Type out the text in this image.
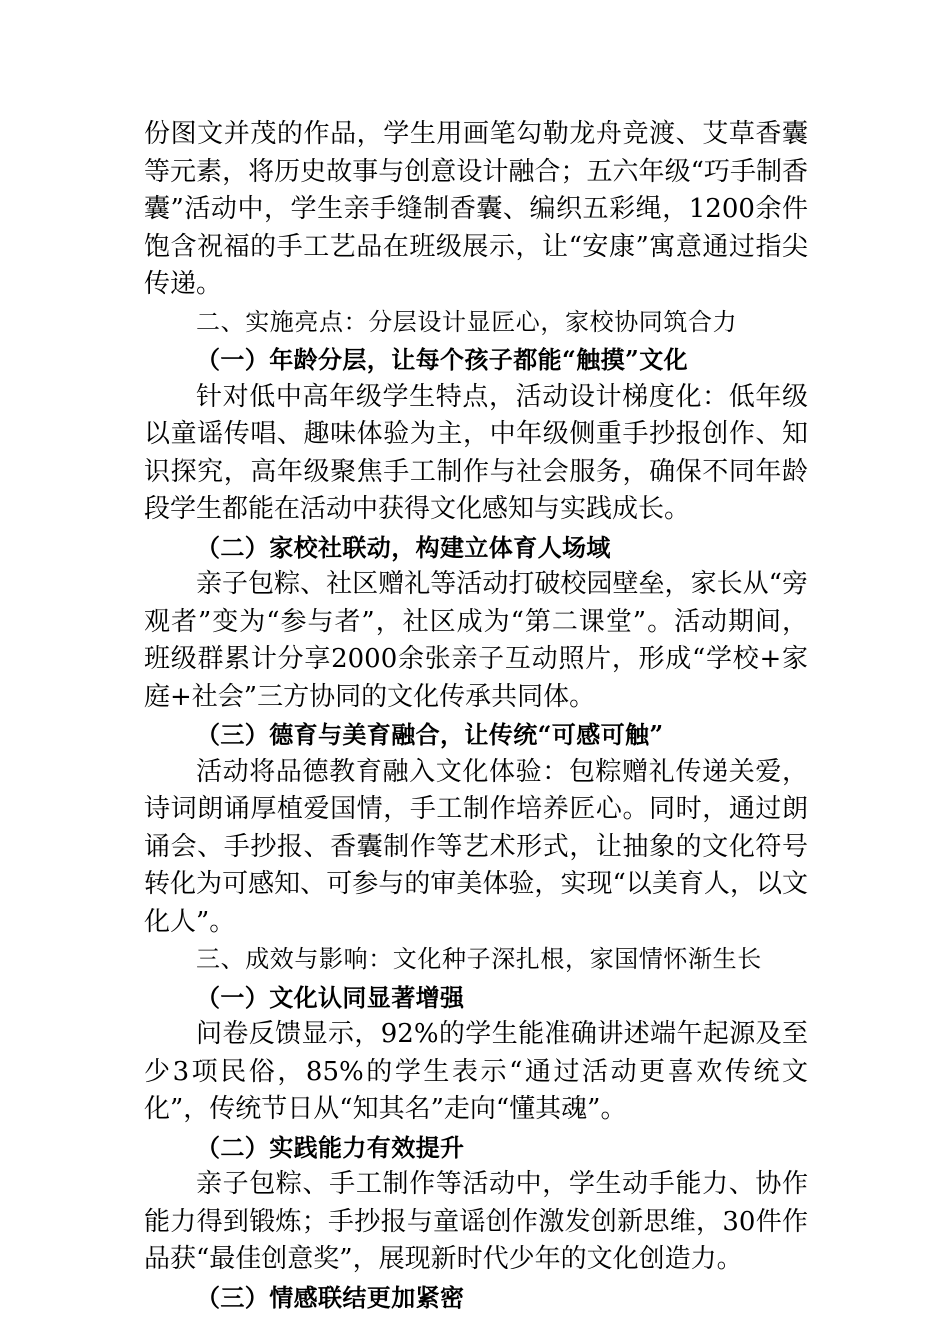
份图文并茂的作品，学生用画笔勾勒龙舟竞渡、艾草香囊等元素，将历史故事与创意设计融合；五六年级“巧手制香囊”活动中，学生亲手缝制香囊、编织五彩绳，1200余件饱含祝福的手工艺品在班级展示，让“安康”寓意通过指尖传递。

二、实施亮点：分层设计显匠心，家校协同筑合力

（一）年龄分层，让每个孩子都能“触摸”文化

针对低中高年级学生特点，活动设计梯度化：低年级以童谣传唱、趣味体验为主，中年级侧重手抄报创作、知识探究，高年级聚焦手工制作与社会服务，确保不同年龄段学生都能在活动中获得文化感知与实践成长。

（二）家校社联动，构建立体育人场域

亲子包粽、社区赠礼等活动打破校园壁垒，家长从“旁观者”变为“参与者”，社区成为“第二课堂”。活动期间，班级群累计分享2000余张亲子互动照片，形成“学校+家庭+社会”三方协同的文化传承共同体。

（三）德育与美育融合，让传统“可感可触”

活动将品德教育融入文化体验：包粽赠礼传递关爱，诗词朗诵厚植爱国情，手工制作培养匠心。同时，通过朗诵会、手抄报、香囊制作等艺术形式，让抽象的文化符号转化为可感知、可参与的审美体验，实现“以美育人，以文化人”。

三、成效与影响：文化种子深扎根，家国情怀渐生长

（一）文化认同显著增强

问卷反馈显示，92%的学生能准确讲述端午起源及至少3项民俗，85%的学生表示“通过活动更喜欢传统文化”，传统节日从“知其名”走向“懂其魂”。

（二）实践能力有效提升

亲子包粽、手工制作等活动中，学生动手能力、协作能力得到锻炼；手抄报与童谣创作激发创新思维，30件作品获“最佳创意奖”，展现新时代少年的文化创造力。

（三）情感联结更加紧密
